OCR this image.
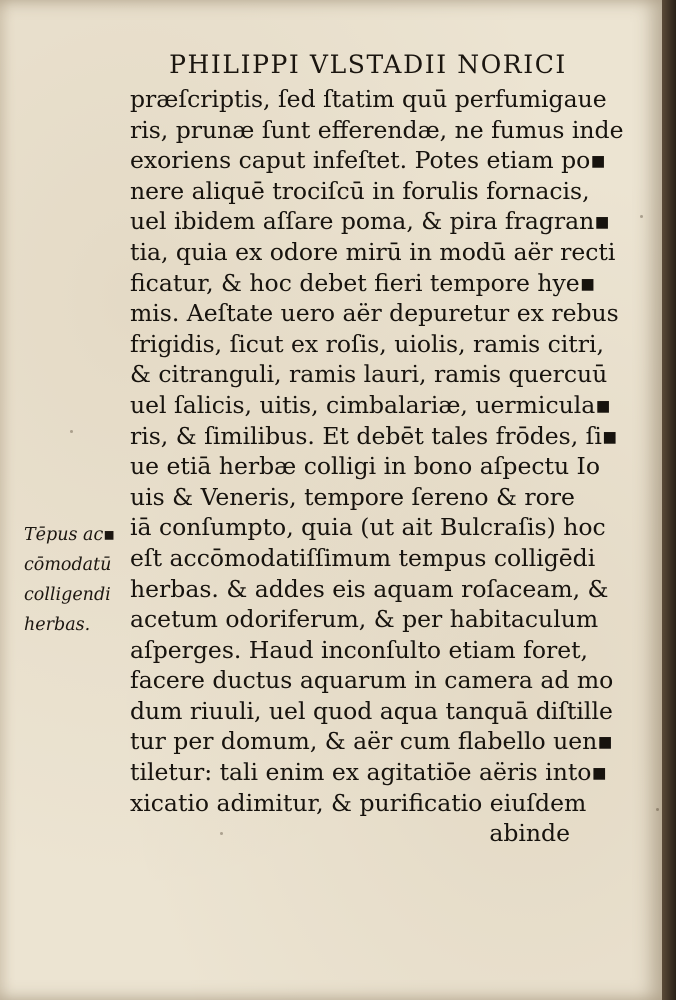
PHILIPPI VLSTADII NORICI
præſcriptis, ſed ſtatim quū perfumigaue
ris, prunæ ſunt efferendæ, ne fumus inde
exoriens caput infeſtet. Potes etiam po▪
nere aliquē trociſcū in forulis fornacis,
uel ibidem aſſare poma, & pira fragran▪
tia, quia ex odore mirū in modū aër recti
ficatur, & hoc debet fieri tempore hye▪
mis. Aeſtate uero aër depuretur ex rebus
frigidis, ſicut ex roſis, uiolis, ramis citri,
& citranguli, ramis lauri, ramis quercuū
uel ſalicis, uitis, cimbalariæ, uermicula▪
ris, & ſimilibus. Et debēt tales frōdes, ſi▪
ue etiā herbæ colligi in bono aſpectu Io
uis & Veneris, tempore ſereno & rore
iā conſumpto, quia (ut ait Bulcraſis) hoc
eſt accōmodatiſſimum tempus colligēdi
herbas. & addes eis aquam roſaceam, &
acetum odoriferum, & per habitaculum
aſperges. Haud inconſulto etiam foret,
facere ductus aquarum in camera ad mo
dum riuuli, uel quod aqua tanquā diſtille
tur per domum, & aër cum flabello uen▪
tiletur: tali enim ex agitatiōe aëris into▪
xicatio adimitur, & purificatio eiuſdem
abinde
Tēpus ac▪
cōmodatū
colligendi
herbas.
